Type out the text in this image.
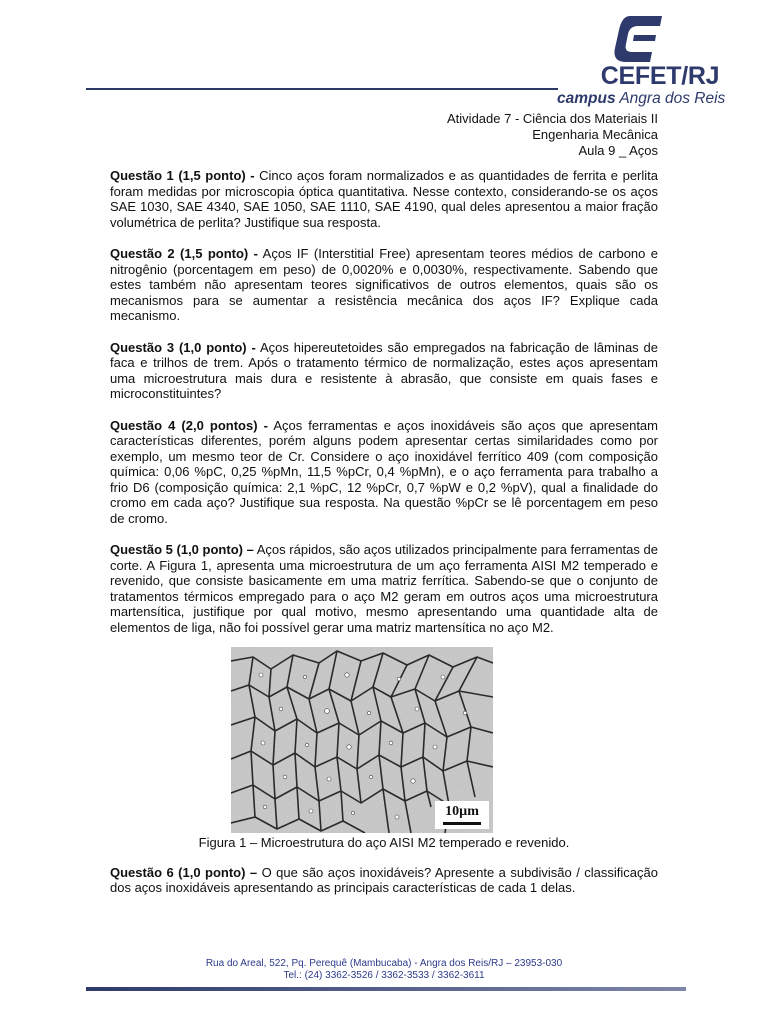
CEFET/RJ
campus Angra dos Reis
Atividade 7 - Ciência dos Materiais II
Engenharia Mecânica
Aula 9 _ Aços

Questão 1 (1,5 ponto) - Cinco aços foram normalizados e as quantidades de ferrita e perlita foram medidas por microscopia óptica quantitativa. Nesse contexto, considerando-se os aços SAE 1030, SAE 4340, SAE 1050, SAE 1110, SAE 4190, qual deles apresentou a maior fração volumétrica de perlita? Justifique sua resposta.

Questão 2 (1,5 ponto) - Aços IF (Interstitial Free) apresentam teores médios de carbono e nitrogênio (porcentagem em peso) de 0,0020% e 0,0030%, respectivamente. Sabendo que estes também não apresentam teores significativos de outros elementos, quais são os mecanismos para se aumentar a resistência mecânica dos aços IF? Explique cada mecanismo.

Questão 3 (1,0 ponto) - Aços hipereutetoides são empregados na fabricação de lâminas de faca e trilhos de trem. Após o tratamento térmico de normalização, estes aços apresentam uma microestrutura mais dura e resistente à abrasão, que consiste em quais fases e microconstituintes?

Questão 4 (2,0 pontos) - Aços ferramentas e aços inoxidáveis são aços que apresentam características diferentes, porém alguns podem apresentar certas similaridades como por exemplo, um mesmo teor de Cr. Considere o aço inoxidável ferrítico 409 (com composição química: 0,06 %pC, 0,25 %pMn, 11,5 %pCr, 0,4 %pMn), e o aço ferramenta para trabalho a frio D6 (composição química: 2,1 %pC, 12 %pCr, 0,7 %pW e 0,2 %pV), qual a finalidade do cromo em cada aço? Justifique sua resposta. Na questão %pCr se lê porcentagem em peso de cromo.

Questão 5 (1,0 ponto) – Aços rápidos, são aços utilizados principalmente para ferramentas de corte. A Figura 1, apresenta uma microestrutura de um aço ferramenta AISI M2 temperado e revenido, que consiste basicamente em uma matriz ferrítica. Sabendo-se que o conjunto de tratamentos térmicos empregado para o aço M2 geram em outros aços uma microestrutura martensítica, justifique por qual motivo, mesmo apresentando uma quantidade alta de elementos de liga, não foi possível gerar uma matriz martensítica no aço M2.

10µm
Figura 1 – Microestrutura do aço AISI M2 temperado e revenido.

Questão 6 (1,0 ponto) – O que são aços inoxidáveis? Apresente a subdivisão / classificação dos aços inoxidáveis apresentando as principais características de cada 1 delas.

Rua do Areal, 522, Pq. Perequê (Mambucaba) - Angra dos Reis/RJ – 23953-030
Tel.: (24) 3362-3526 / 3362-3533 / 3362-3611
